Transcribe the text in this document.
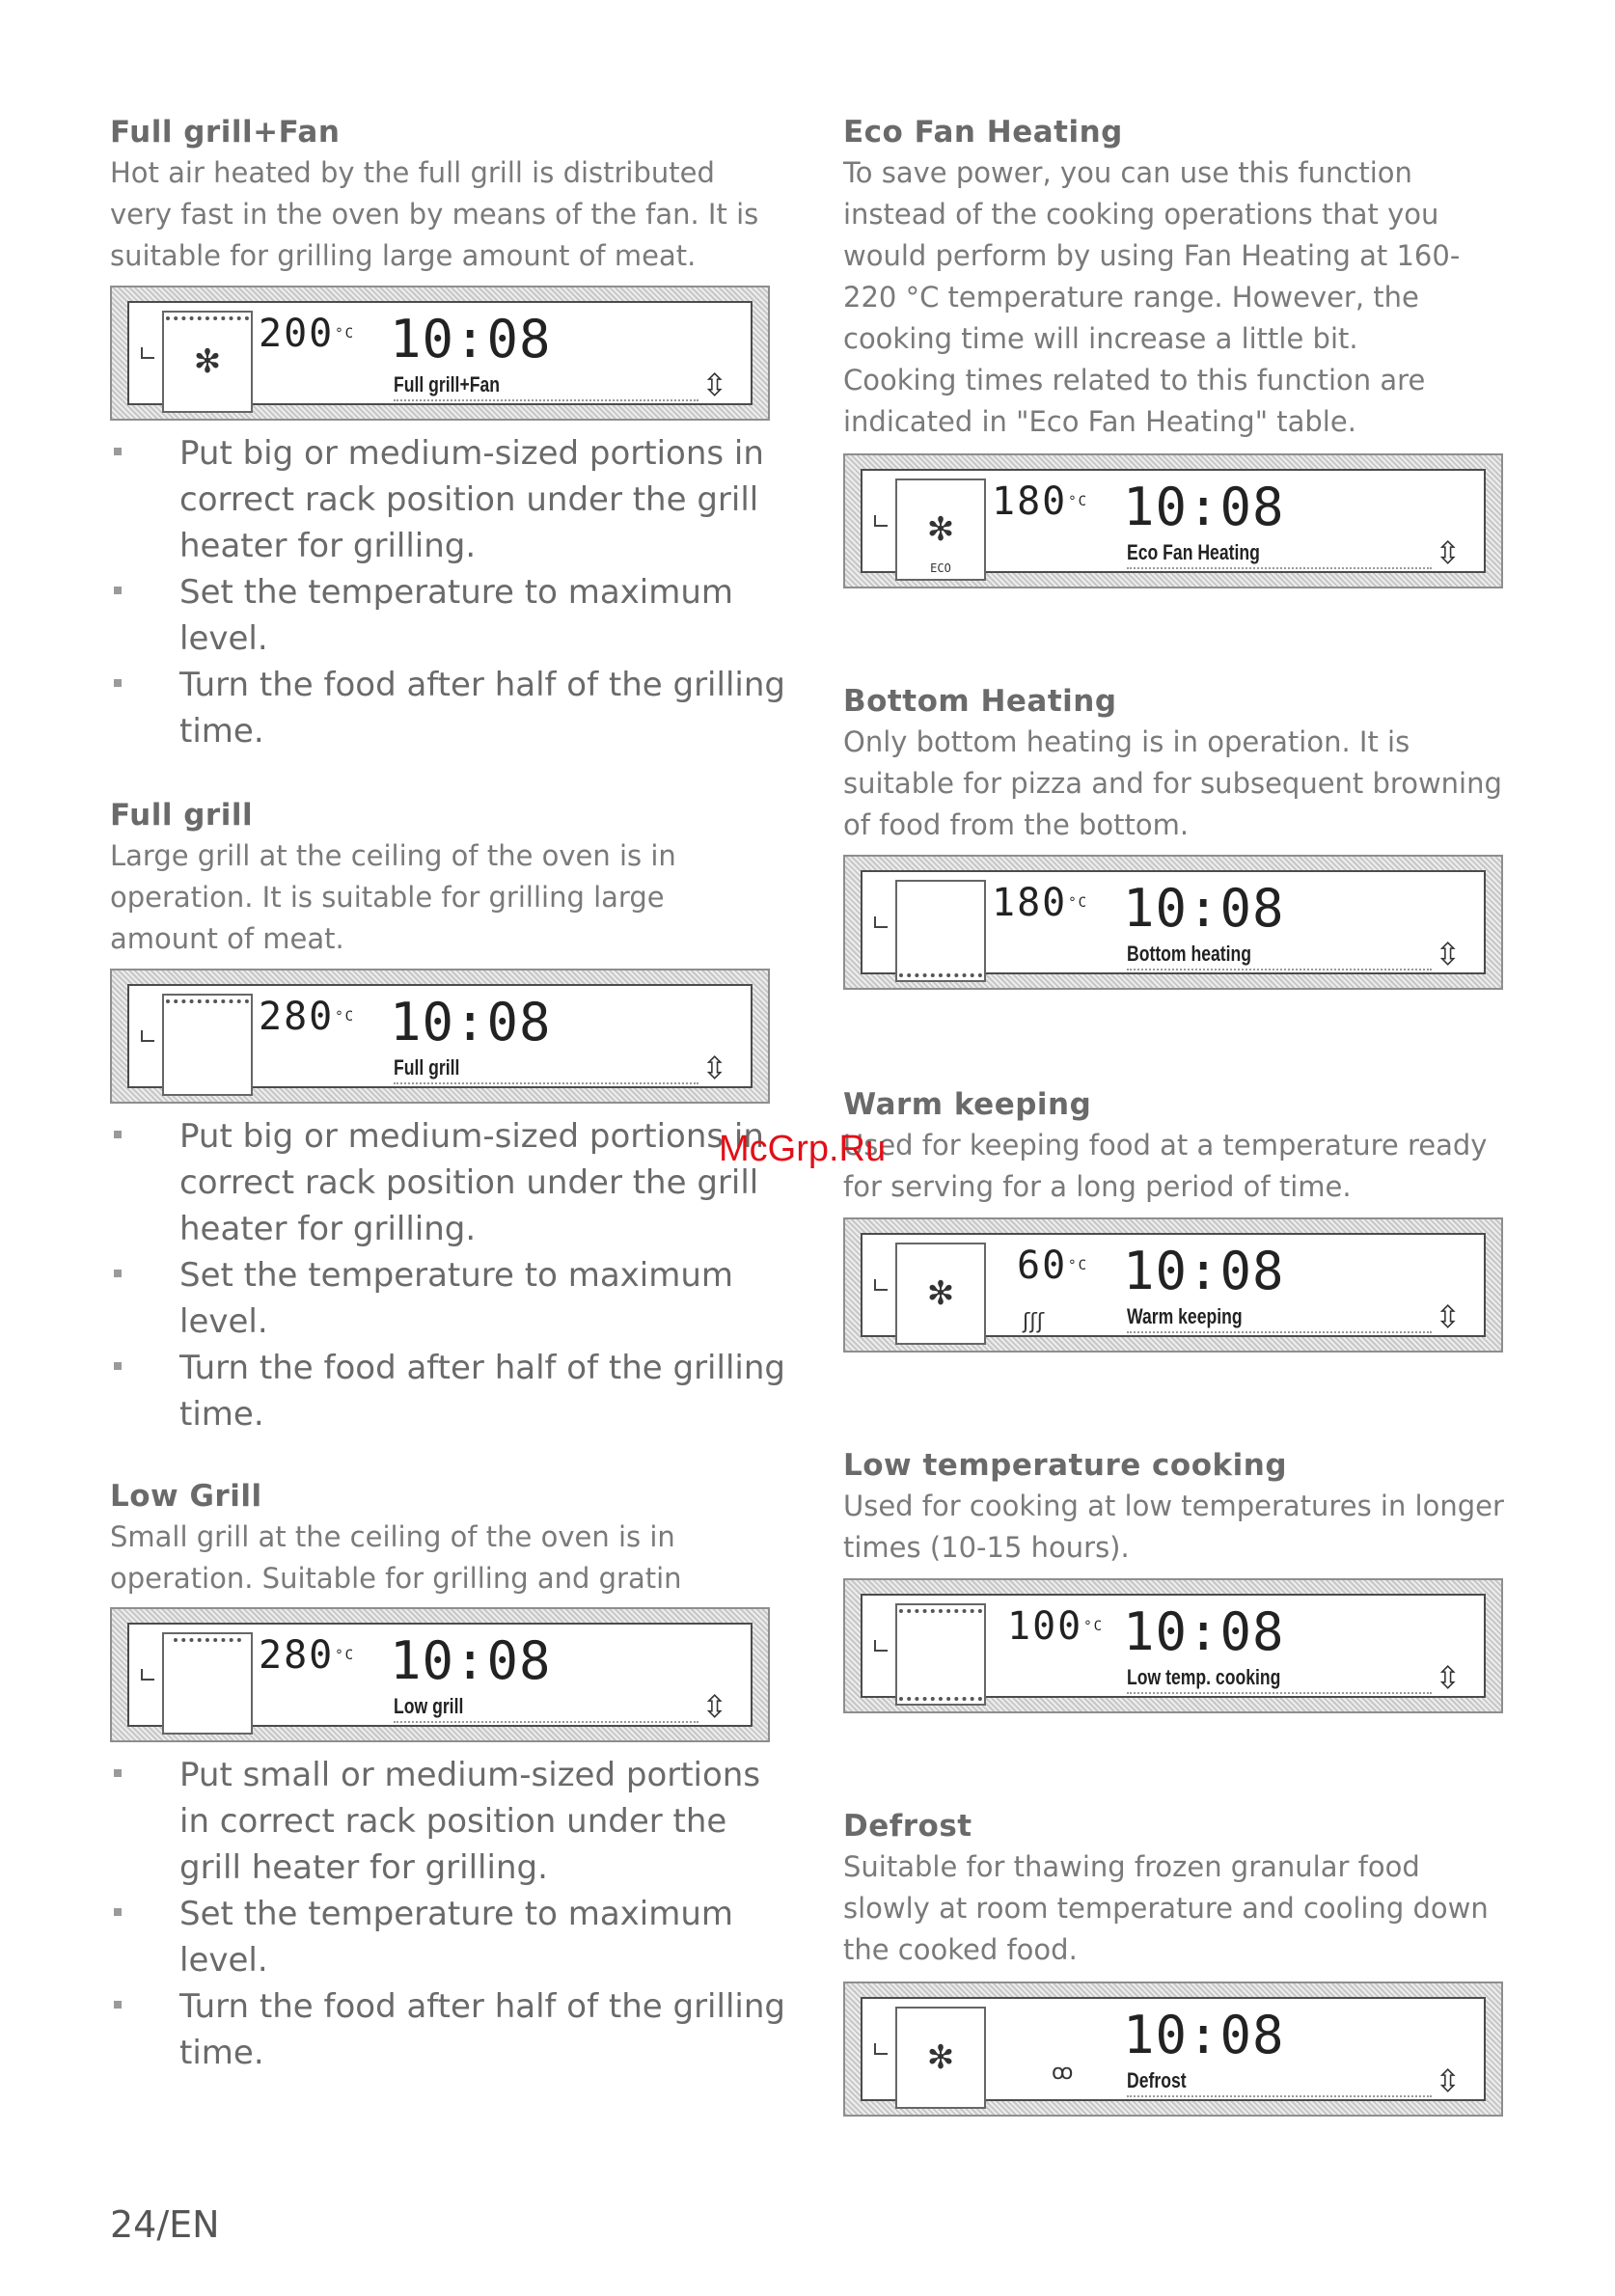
Full grill+Fan

Hot air heated by the full grill is distributed very fast in the oven by means of the fan. It is suitable for grilling large amount of meat.

✻
$200^{^\circ C}$ 10:08
Full grill+Fan	⇳
Put big or medium-sized portions in correct rack position under the grill heater for grilling.
Set the temperature to maximum level.
Turn the food after half of the grilling time.
Full grill

Large grill at the ceiling of the oven is in operation. It is suitable for grilling large amount of meat.

$280^{^\circ C}$ 10:08
Full grill	⇳
Put big or medium-sized portions in correct rack position under the grill heater for grilling.
Set the temperature to maximum level.
Turn the food after half of the grilling time.
Low Grill

Small grill at the ceiling of the oven is in operation. Suitable for grilling and gratin

$280^{^\circ C}$ 10:08
Low grill	⇳
Put small or medium-sized portions in correct rack position under the grill heater for grilling.
Set the temperature to maximum level.
Turn the food after half of the grilling time.
Eco Fan Heating

To save power, you can use this function instead of the cooking operations that you would perform by using Fan Heating at 160-220 °C temperature range. However, the cooking time will increase a little bit.

Cooking times related to this function are indicated in "Eco Fan Heating" table.

✻
ECO
$180^{^\circ C}$ 10:08
Eco Fan Heating	⇳
Bottom Heating

Only bottom heating is in operation. It is suitable for pizza and for subsequent browning of food from the bottom.

$180^{^\circ C}$ 10:08
Bottom heating	⇳
Warm keeping

Used for keeping food at a temperature ready for serving for a long period of time.

✻
$60^{^\circ C}$
ʃʃʃ
10:08
Warm keeping	⇳
Low temperature cooking

Used for cooking at low temperatures in longer times (10-15 hours).

$100^{^\circ C}$ 10:08
Low temp. cooking	⇳
Defrost

Suitable for thawing frozen granular food slowly at room temperature and cooling down the cooked food.

✻	ꝏ
10:08
Defrost	⇳
McGrp.Ru
24/EN
